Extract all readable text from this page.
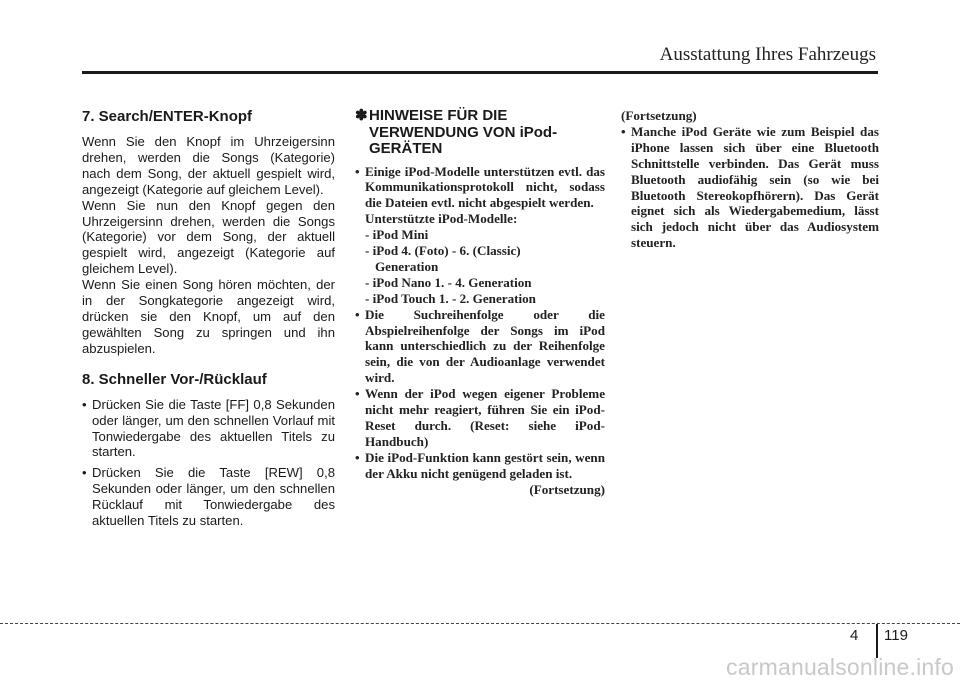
Ausstattung Ihres Fahrzeugs
7. Search/ENTER-Knopf

Wenn Sie den Knopf im Uhrzeigersinn drehen, werden die Songs (Kategorie) nach dem Song, der aktuell gespielt wird, angezeigt (Kategorie auf gleichem Level).

Wenn Sie nun den Knopf gegen den Uhrzeigersinn drehen, werden die Songs (Kategorie) vor dem Song, der aktuell gespielt wird, angezeigt (Kategorie auf gleichem Level).

Wenn Sie einen Song hören möchten, der in der Songkategorie angezeigt wird, drücken sie den Knopf, um auf den gewählten Song zu springen und ihn abzuspielen.

8. Schneller Vor-/Rücklauf
• Drücken Sie die Taste [FF] 0,8 Sekunden oder länger, um den schnellen Vorlauf mit Tonwiedergabe des aktuellen Titels zu starten.
• Drücken Sie die Taste [REW] 0,8 Sekunden oder länger, um den schnellen Rücklauf mit Tonwiedergabe des aktuellen Titels zu starten.
✽ HINWEISE FÜR DIE VERWENDUNG VON iPod-GERÄTEN
• Einige iPod-Modelle unterstützen evtl. das Kommunikationsprotokoll nicht, sodass die Dateien evtl. nicht abgespielt werden.
Unterstützte iPod-Modelle:
- iPod Mini
- iPod 4. (Foto) - 6. (Classic)
Generation
- iPod Nano 1. - 4. Generation
- iPod Touch 1. - 2. Generation
• Die Suchreihenfolge oder die Abspielreihenfolge der Songs im iPod kann unterschiedlich zu der Reihenfolge sein, die von der Audioanlage verwendet wird.
• Wenn der iPod wegen eigener Probleme nicht mehr reagiert, führen Sie ein iPod-Reset durch. (Reset: siehe iPod-Handbuch)
• Die iPod-Funktion kann gestört sein, wenn der Akku nicht genügend geladen ist.
(Fortsetzung)
(Fortsetzung)
• Manche iPod Geräte wie zum Beispiel das iPhone lassen sich über eine Bluetooth Schnittstelle verbinden. Das Gerät muss Bluetooth audiofähig sein (so wie bei Bluetooth Stereokopfhörern). Das Gerät eignet sich als Wiedergabemedium, lässt sich jedoch nicht über das Audiosystem steuern.
4 119
carmanualsonline.info
